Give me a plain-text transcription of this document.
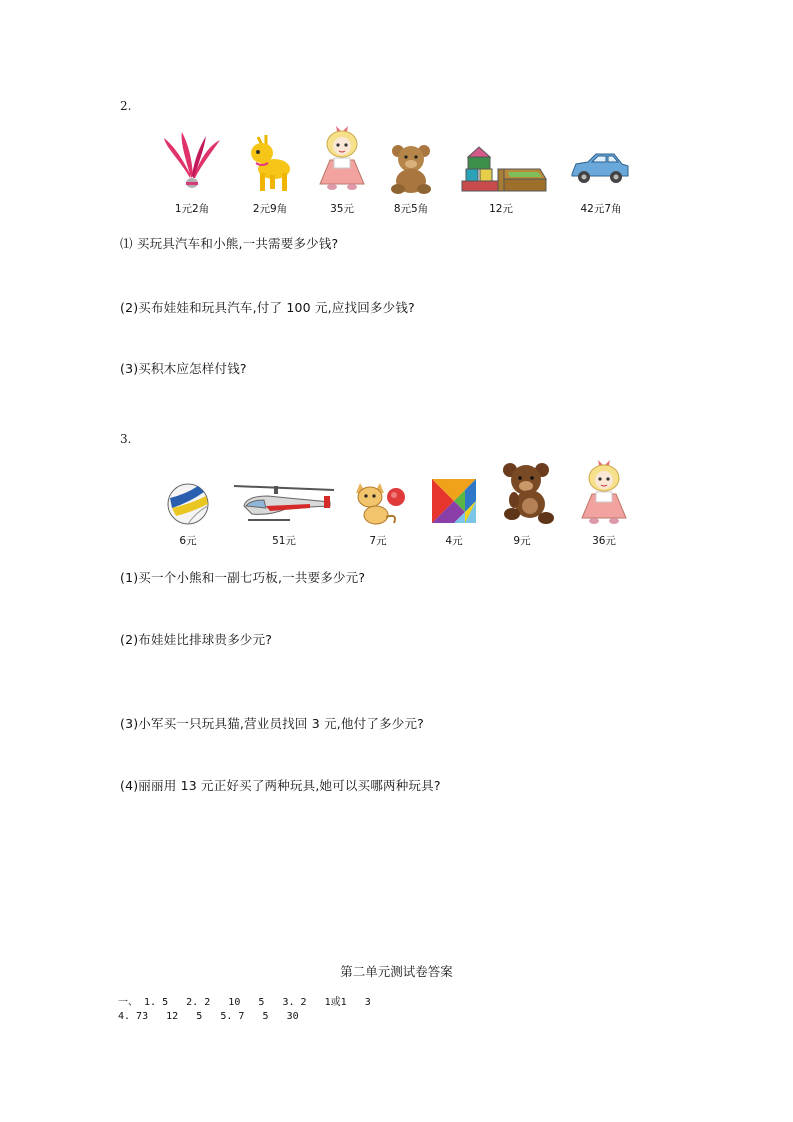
2.
1元2角	2元9角	35元	8元5角	12元	42元7角
⑴ 买玩具汽车和小熊,一共需要多少钱?
(2)买布娃娃和玩具汽车,付了 100 元,应找回多少钱?
(3)买积木应怎样付钱?
3.
6元	51元	7元	4元	9元	36元
(1)买一个小熊和一副七巧板,一共要多少元?
(2)布娃娃比排球贵多少元?
(3)小军买一只玩具猫,营业员找回 3 元,他付了多少元?
(4)丽丽用 13 元正好买了两种玩具,她可以买哪两种玩具?
第二单元测试卷答案
一、 1. 5   2. 2   10   5   3. 2   1或1   3
4. 73   12   5   5. 7   5   30
